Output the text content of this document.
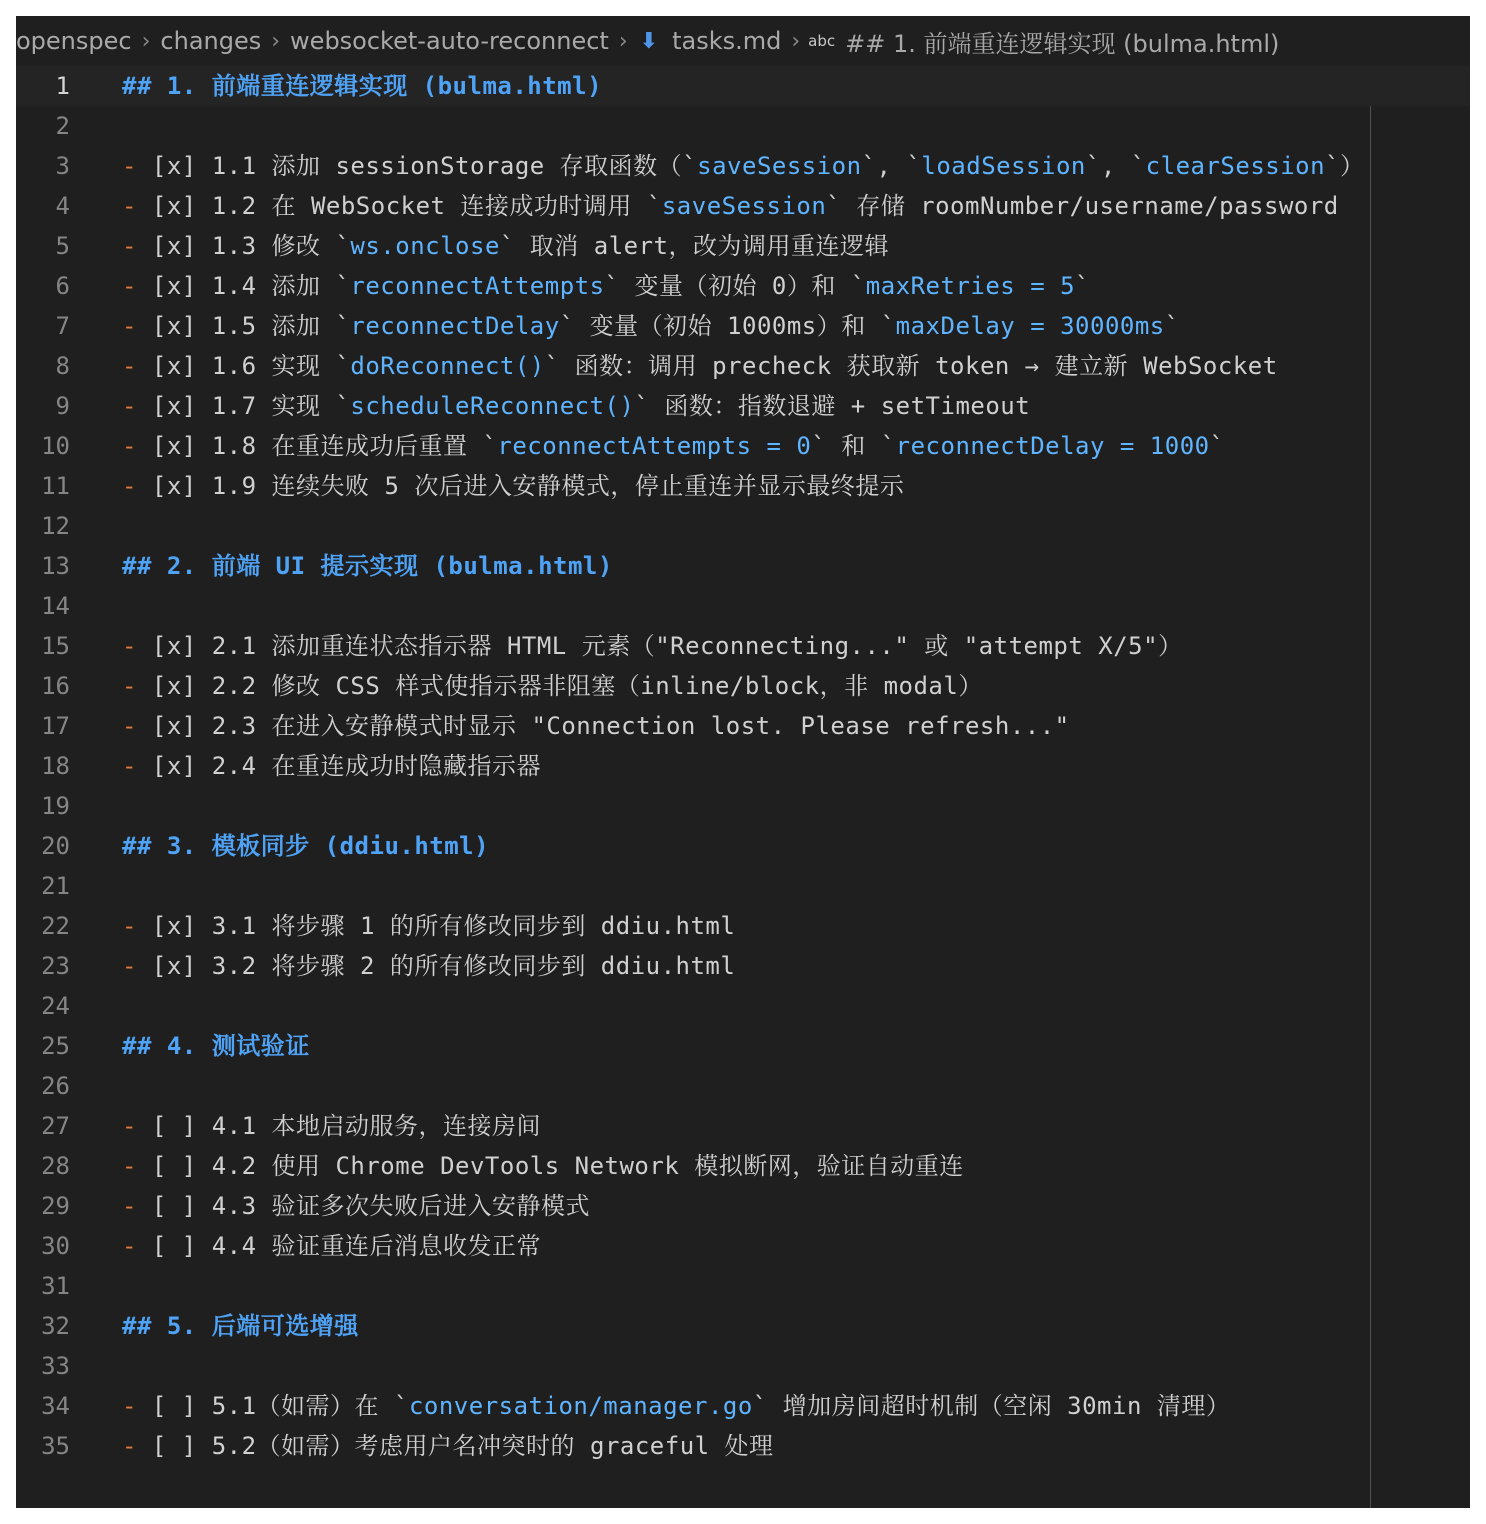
openspec › changes › websocket-auto-reconnect › ⬇ tasks.md › abc ## 1. 前端重连逻辑实现 (bulma.html)
1 ## 1. 前端重连逻辑实现 (bulma.html)
2
3 - [x] 1.1 添加 sessionStorage 存取函数（`saveSession`, `loadSession`, `clearSession`）
4 - [x] 1.2 在 WebSocket 连接成功时调用 `saveSession` 存储 roomNumber/username/password
5 - [x] 1.3 修改 `ws.onclose` 取消 alert，改为调用重连逻辑
6 - [x] 1.4 添加 `reconnectAttempts` 变量（初始 0）和 `maxRetries = 5`
7 - [x] 1.5 添加 `reconnectDelay` 变量（初始 1000ms）和 `maxDelay = 30000ms`
8 - [x] 1.6 实现 `doReconnect()` 函数：调用 precheck 获取新 token → 建立新 WebSocket
9 - [x] 1.7 实现 `scheduleReconnect()` 函数：指数退避 + setTimeout
10 - [x] 1.8 在重连成功后重置 `reconnectAttempts = 0` 和 `reconnectDelay = 1000`
11 - [x] 1.9 连续失败 5 次后进入安静模式，停止重连并显示最终提示
12
13 ## 2. 前端 UI 提示实现 (bulma.html)
14
15 - [x] 2.1 添加重连状态指示器 HTML 元素（"Reconnecting..." 或 "attempt X/5"）
16 - [x] 2.2 修改 CSS 样式使指示器非阻塞（inline/block，非 modal）
17 - [x] 2.3 在进入安静模式时显示 "Connection lost. Please refresh..."
18 - [x] 2.4 在重连成功时隐藏指示器
19
20 ## 3. 模板同步 (ddiu.html)
21
22 - [x] 3.1 将步骤 1 的所有修改同步到 ddiu.html
23 - [x] 3.2 将步骤 2 的所有修改同步到 ddiu.html
24
25 ## 4. 测试验证
26
27 - [ ] 4.1 本地启动服务，连接房间
28 - [ ] 4.2 使用 Chrome DevTools Network 模拟断网，验证自动重连
29 - [ ] 4.3 验证多次失败后进入安静模式
30 - [ ] 4.4 验证重连后消息收发正常
31
32 ## 5. 后端可选增强
33
34 - [ ] 5.1（如需）在 `conversation/manager.go` 增加房间超时机制（空闲 30min 清理）
35 - [ ] 5.2（如需）考虑用户名冲突时的 graceful 处理
